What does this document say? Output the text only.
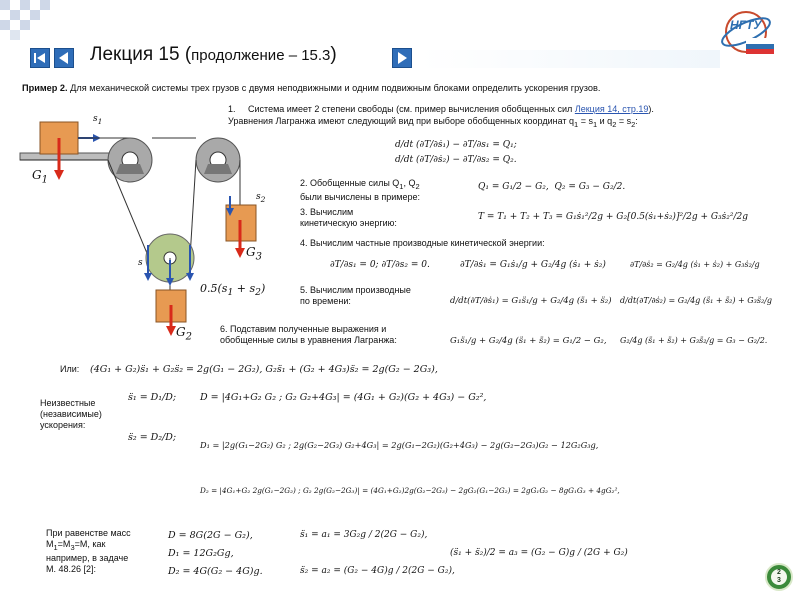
Лекция 15 (продолжение – 15.3)
НГТУ
Пример 2. Для механической системы трех грузов с двумя неподвижными и одним подвижным блоками определить ускорения грузов.
1. Система имеет 2 степени свободы (см. пример вычисления обобщенных сил Лекция 14, стр.19).
Уравнения Лагранжа имеют следующий вид при выборе обобщенных координат $q_1 = s_1$ и $q_2 = s_2$:
d/dt (∂T/∂ṡ₁) − ∂T/∂s₁ = Q₁;
d/dt (∂T/∂ṡ₂) − ∂T/∂s₂ = Q₂.
$s_1$
$s_2$
s
$G_1$
$G_3$
$G_2$
$0.5(s_1 + s_2)$
2. Обобщенные силы $Q_1$, $Q_2$
были вычислены в примере:
Q₁ = G₁/2 − G₂, Q₂ = G₃ − G₂/2.
3. Вычислим
кинетическую энергию:
T = T₁ + T₂ + T₃ = G₁ṡ₁²/2g + G₂[0.5(ṡ₁+ṡ₂)]²/2g + G₃ṡ₂²/2g
4. Вычислим частные производные кинетической энергии:
∂T/∂s₁ = 0; ∂T/∂s₂ = 0.	∂T/∂ṡ₁ = G₁ṡ₁/g + G₂/4g (ṡ₁ + ṡ₂)	∂T/∂ṡ₂ = G₂/4g (ṡ₁ + ṡ₂) + G₃ṡ₂/g
5. Вычислим производные
по времени:	d/dt(∂T/∂ṡ₁) = G₁s̈₁/g + G₂/4g (s̈₁ + s̈₂) d/dt(∂T/∂ṡ₂) = G₂/4g (s̈₁ + s̈₂) + G₃s̈₂/g
6. Подставим полученные выражения и
обобщенные силы в уравнения Лагранжа:	G₁s̈₁/g + G₂/4g (s̈₁ + s̈₂) = G₁/2 − G₂, G₂/4g (s̈₁ + s̈₂) + G₃s̈₂/g = G₃ − G₂/2.
Или: (4G₁ + G₂)s̈₁ + G₂s̈₂ = 2g(G₁ − 2G₂), G₂s̈₁ + (G₂ + 4G₃)s̈₂ = 2g(G₂ − 2G₃),
Неизвестные
(независимые)
ускорения:
s̈₁ = D₁/D;
s̈₂ = D₂/D;
D = |4G₁+G₂ G₂ ; G₂ G₂+4G₃| = (4G₁ + G₂)(G₂ + 4G₃) − G₂²,
D₁ = |2g(G₁−2G₂) G₂ ; 2g(G₂−2G₃) G₂+4G₃| = 2g(G₁−2G₂)(G₂+4G₃) − 2g(G₂−2G₃)G₂ − 12G₂G₃g,
D₂ = |4G₁+G₂ 2g(G₁−2G₂) ; G₂ 2g(G₂−2G₃)| = (4G₁+G₂)2g(G₂−2G₃) − 2gG₂(G₁−2G₂) = 2gG₁G₂ − 8gG₁G₃ + 4gG₂²,
При равенстве масс
$M_1=M_3=M$, как
например, в задаче
М. 48.26 [2]:
D = 8G(2G − G₂),
D₁ = 12G₂Gg,
D₂ = 4G(G₂ − 4G)g.
s̈₁ = a₁ = 3G₂g / 2(2G − G₂),
s̈₂ = a₂ = (G₂ − 4G)g / 2(2G − G₂),
(s̈₁ + s̈₂)/2 = a₃ = (G₂ − G)g / (2G + G₂)
2
3
